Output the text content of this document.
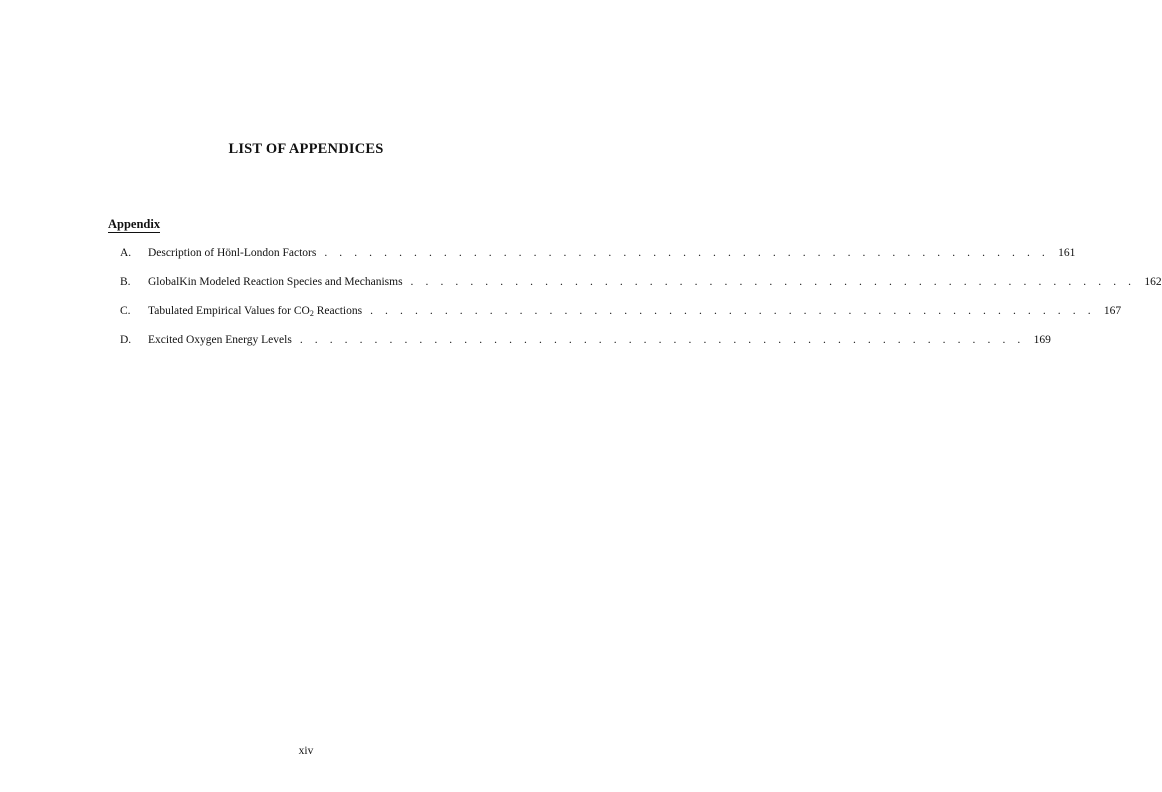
LIST OF APPENDICES
Appendix
A.	Description of Hönl-London Factors . . . . . . . . . . . . . . . . . . . . . . . . . . . . . . . . . . . . . . . . . . . . . . . . . 161
B.	GlobalKin Modeled Reaction Species and Mechanisms . . . . . . . . . . . . . . . . . . . . . . . . . . . . . . . . . . . . . . . . . . . . . . . . . 162
C.	Tabulated Empirical Values for $CO_2$ Reactions . . . . . . . . . . . . . . . . . . . . . . . . . . . . . . . . . . . . . . . . . . . . . . . . . 167
D.	Excited Oxygen Energy Levels . . . . . . . . . . . . . . . . . . . . . . . . . . . . . . . . . . . . . . . . . . . . . . . . . 169
xiv
